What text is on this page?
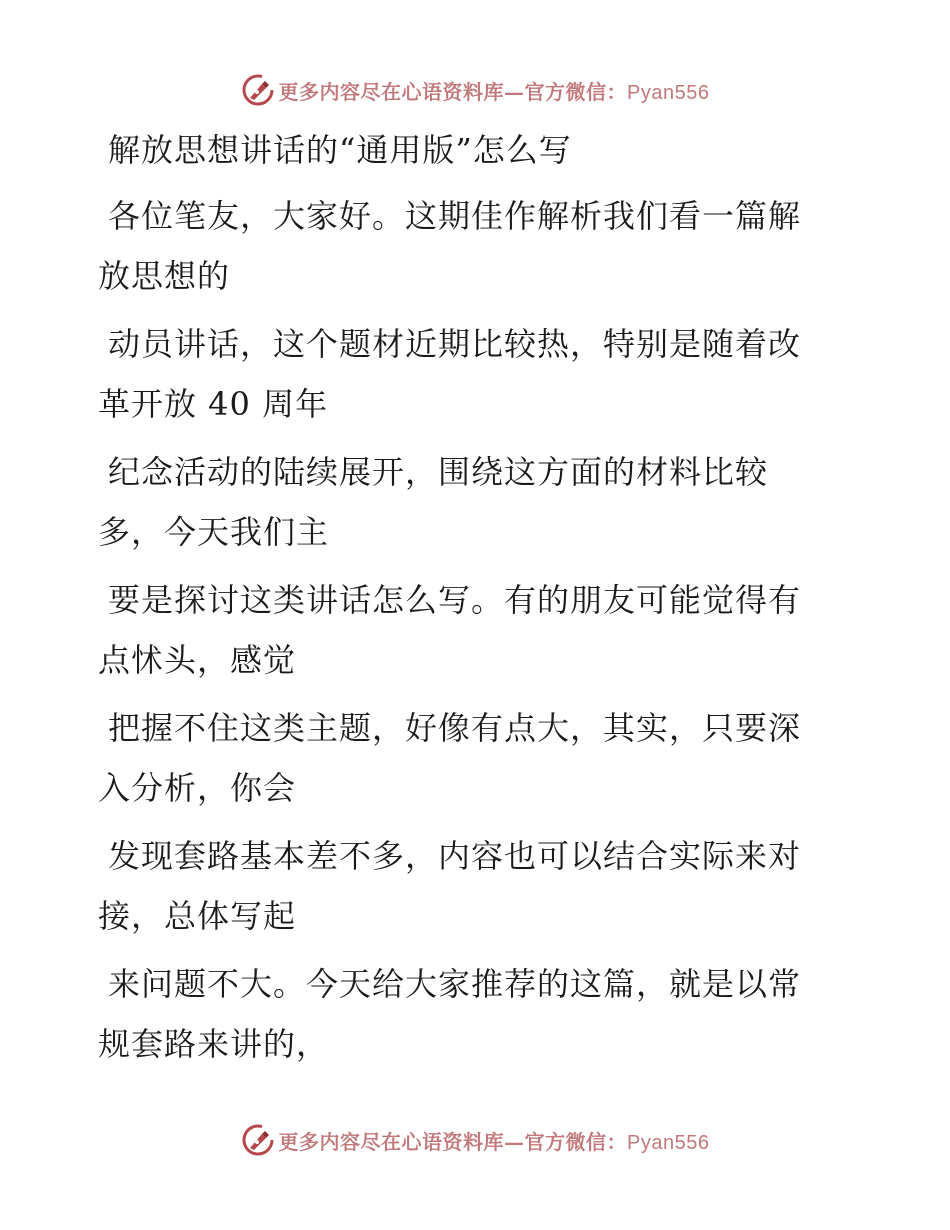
更多内容尽在心语资料库—官方微信：Pyan556
解放思想讲话的“通用版”怎么写
各位笔友，大家好。这期佳作解析我们看一篇解
放思想的
动员讲话，这个题材近期比较热，特别是随着改
革开放 40 周年
纪念活动的陆续展开，围绕这方面的材料比较
多，今天我们主
要是探讨这类讲话怎么写。有的朋友可能觉得有
点怵头，感觉
把握不住这类主题，好像有点大，其实，只要深
入分析，你会
发现套路基本差不多，内容也可以结合实际来对
接，总体写起
来问题不大。今天给大家推荐的这篇，就是以常
规套路来讲的，
更多内容尽在心语资料库—官方微信：Pyan556
